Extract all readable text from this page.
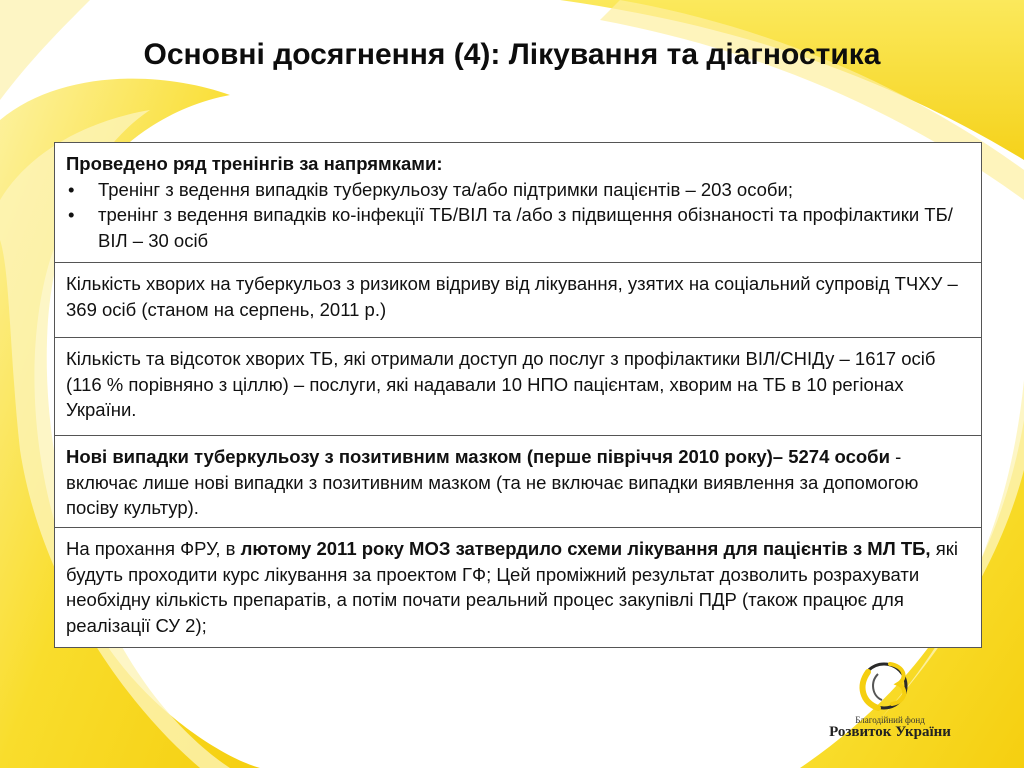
Основні досягнення (4): Лікування та діагностика
Проведено ряд тренінгів за напрямками:
• Тренінг з ведення випадків туберкульозу та/або підтримки пацієнтів – 203 особи;
• тренінг з ведення випадків ко-інфекції ТБ/ВІЛ та /або з підвищення обізнаності та профілактики ТБ/ВІЛ – 30 осіб
Кількість хворих на туберкульоз з ризиком відриву від лікування, узятих на соціальний супровід ТЧХУ – 369 осіб (станом на серпень, 2011 р.)
Кількість та відсоток хворих ТБ, які отримали доступ до послуг з профілактики ВІЛ/СНІДу – 1617 осіб (116 % порівняно з ціллю) – послуги, які надавали 10 НПО пацієнтам, хворим на ТБ в 10 регіонах України.
Нові випадки туберкульозу з позитивним мазком (перше півріччя 2010 року)– 5274 особи - включає лише нові випадки з позитивним мазком (та не включає випадки виявлення за допомогою посіву культур).
На прохання ФРУ, в лютому 2011 року МОЗ затвердило схеми лікування для пацієнтів з МЛ ТБ, які будуть проходити курс лікування за проектом ГФ; Цей проміжний результат дозволить розрахувати необхідну кількість препаратів, а потім почати реальний процес закупівлі ПДР (також працює для реалізації СУ 2);
Благодійний фонд
Розвиток України
